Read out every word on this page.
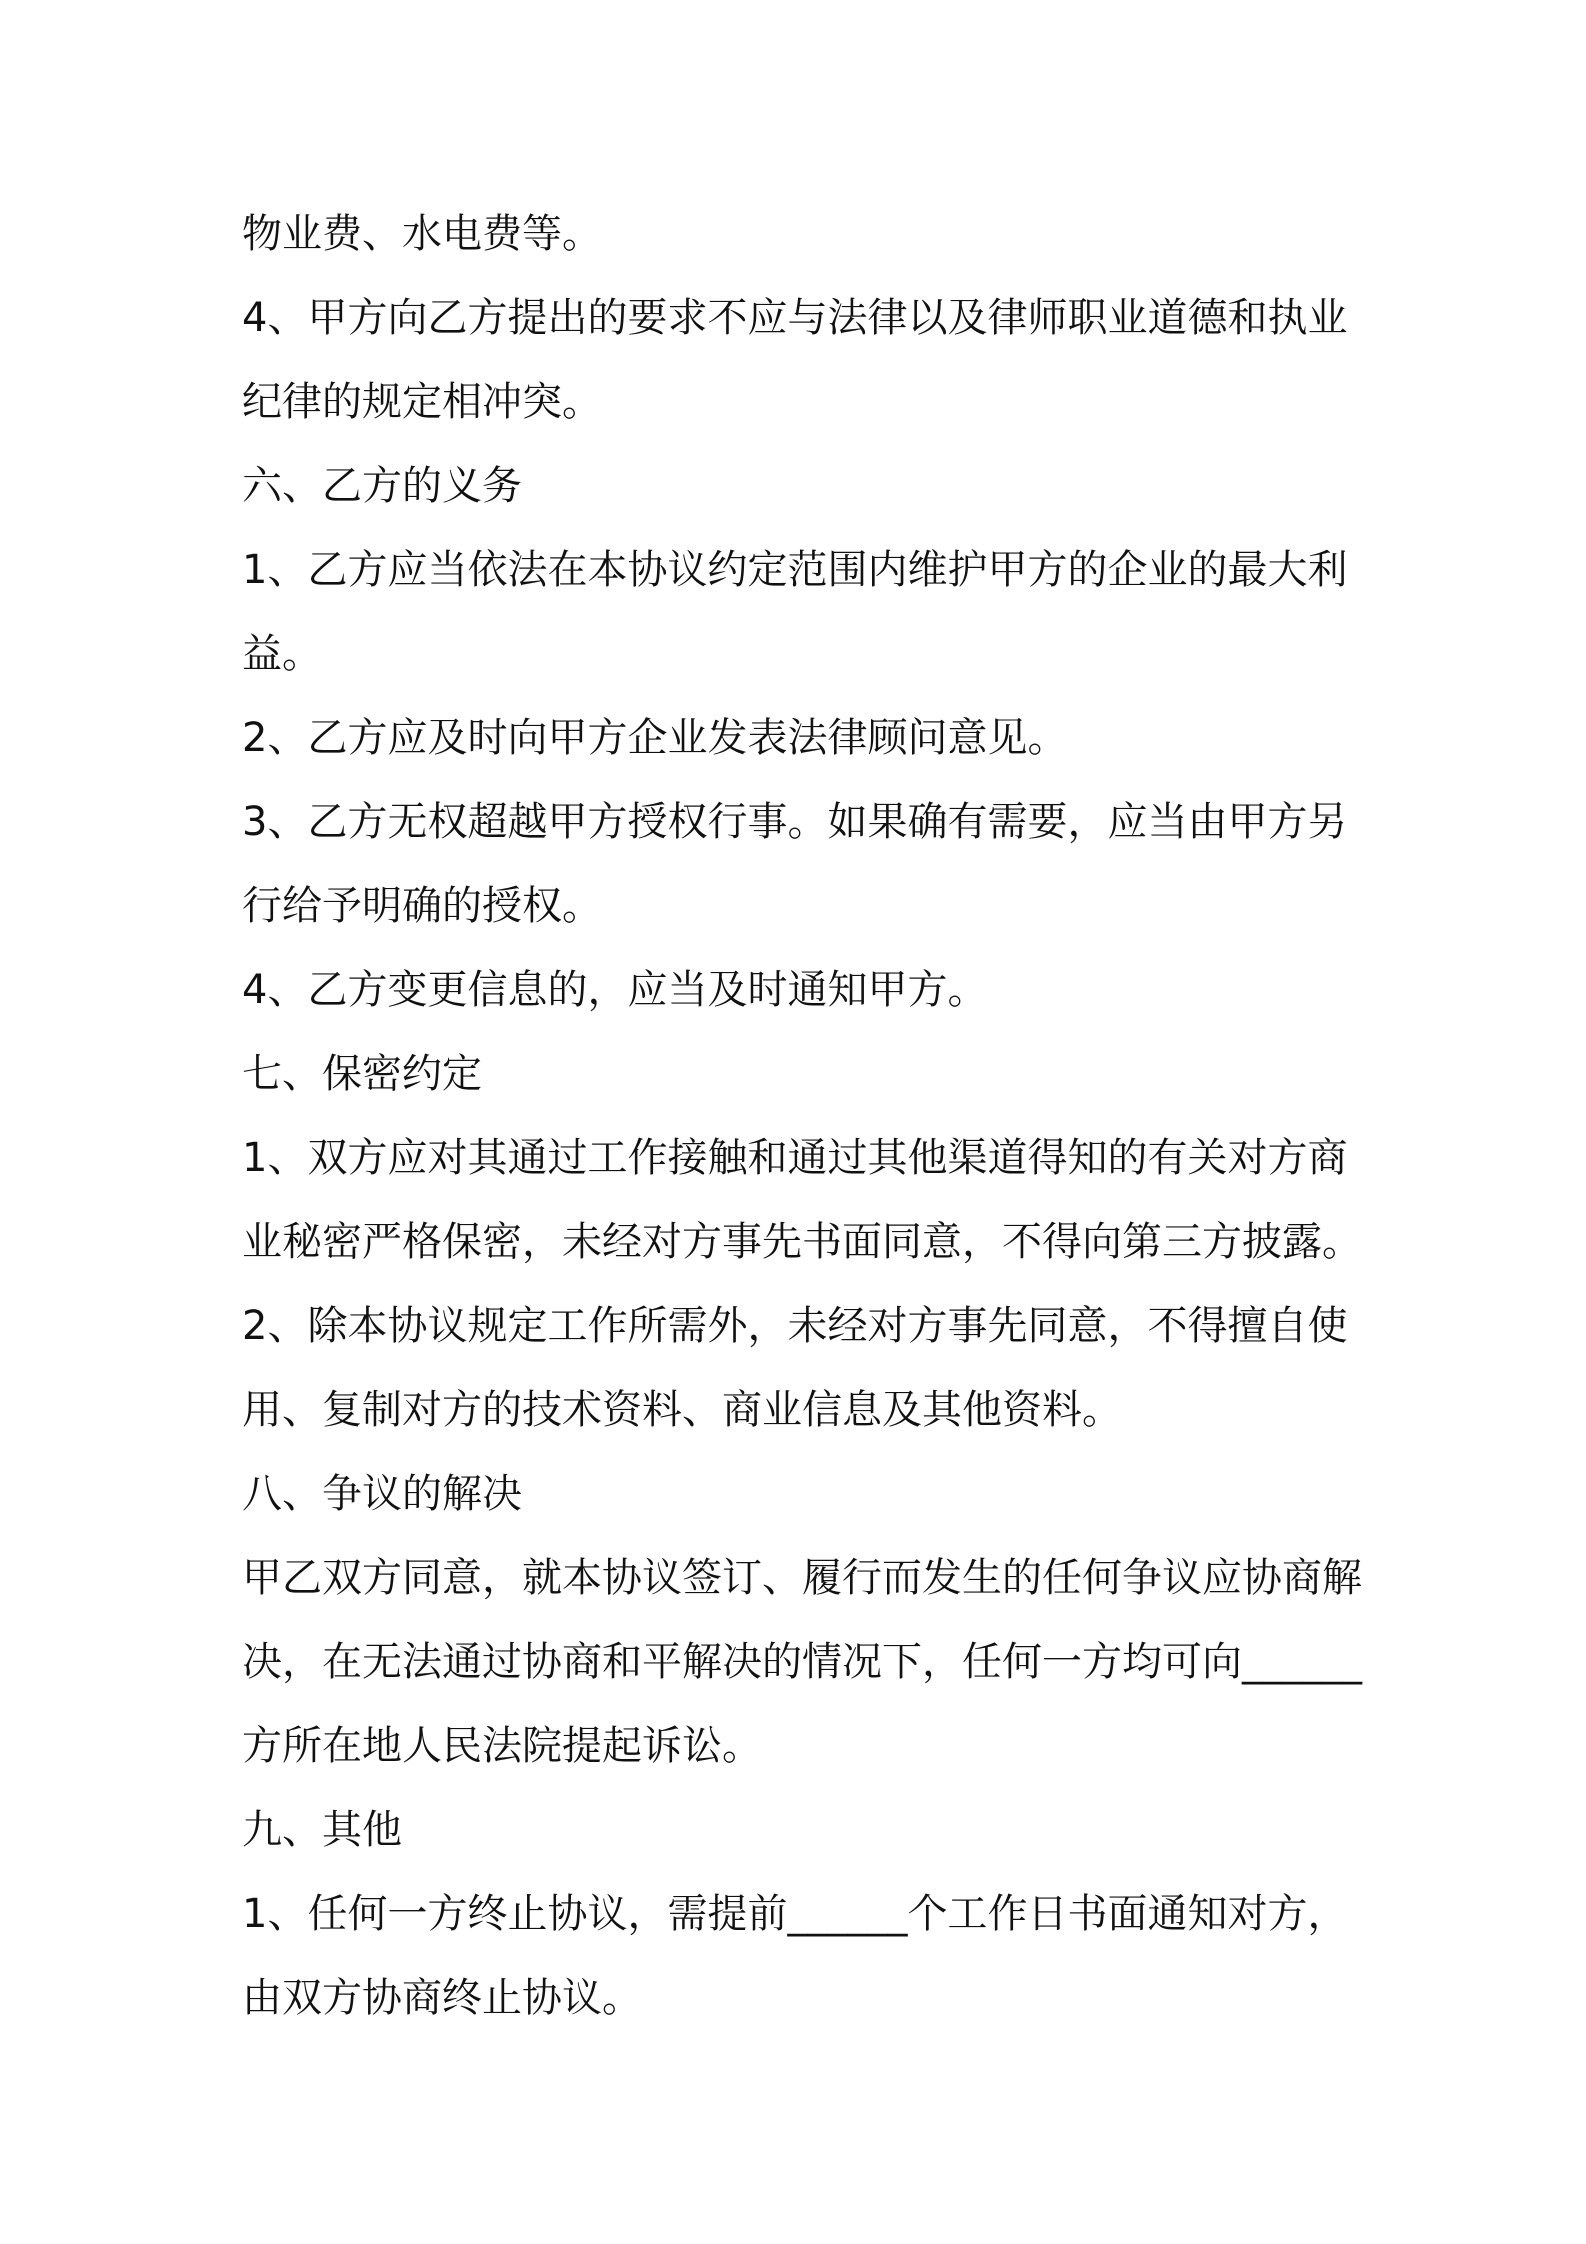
物业费、水电费等。
4、甲方向乙方提出的要求不应与法律以及律师职业道德和执业
纪律的规定相冲突。
六、乙方的义务
1、乙方应当依法在本协议约定范围内维护甲方的企业的最大利
益。
2、乙方应及时向甲方企业发表法律顾问意见。
3、乙方无权超越甲方授权行事。如果确有需要，应当由甲方另
行给予明确的授权。
4、乙方变更信息的，应当及时通知甲方。
七、保密约定
1、双方应对其通过工作接触和通过其他渠道得知的有关对方商
业秘密严格保密，未经对方事先书面同意，不得向第三方披露。
2、除本协议规定工作所需外，未经对方事先同意，不得擅自使
用、复制对方的技术资料、商业信息及其他资料。
八、争议的解决
甲乙双方同意，就本协议签订、履行而发生的任何争议应协商解
决，在无法通过协商和平解决的情况下，任何一方均可向______
方所在地人民法院提起诉讼。
九、其他
1、任何一方终止协议，需提前______个工作日书面通知对方，
由双方协商终止协议。
